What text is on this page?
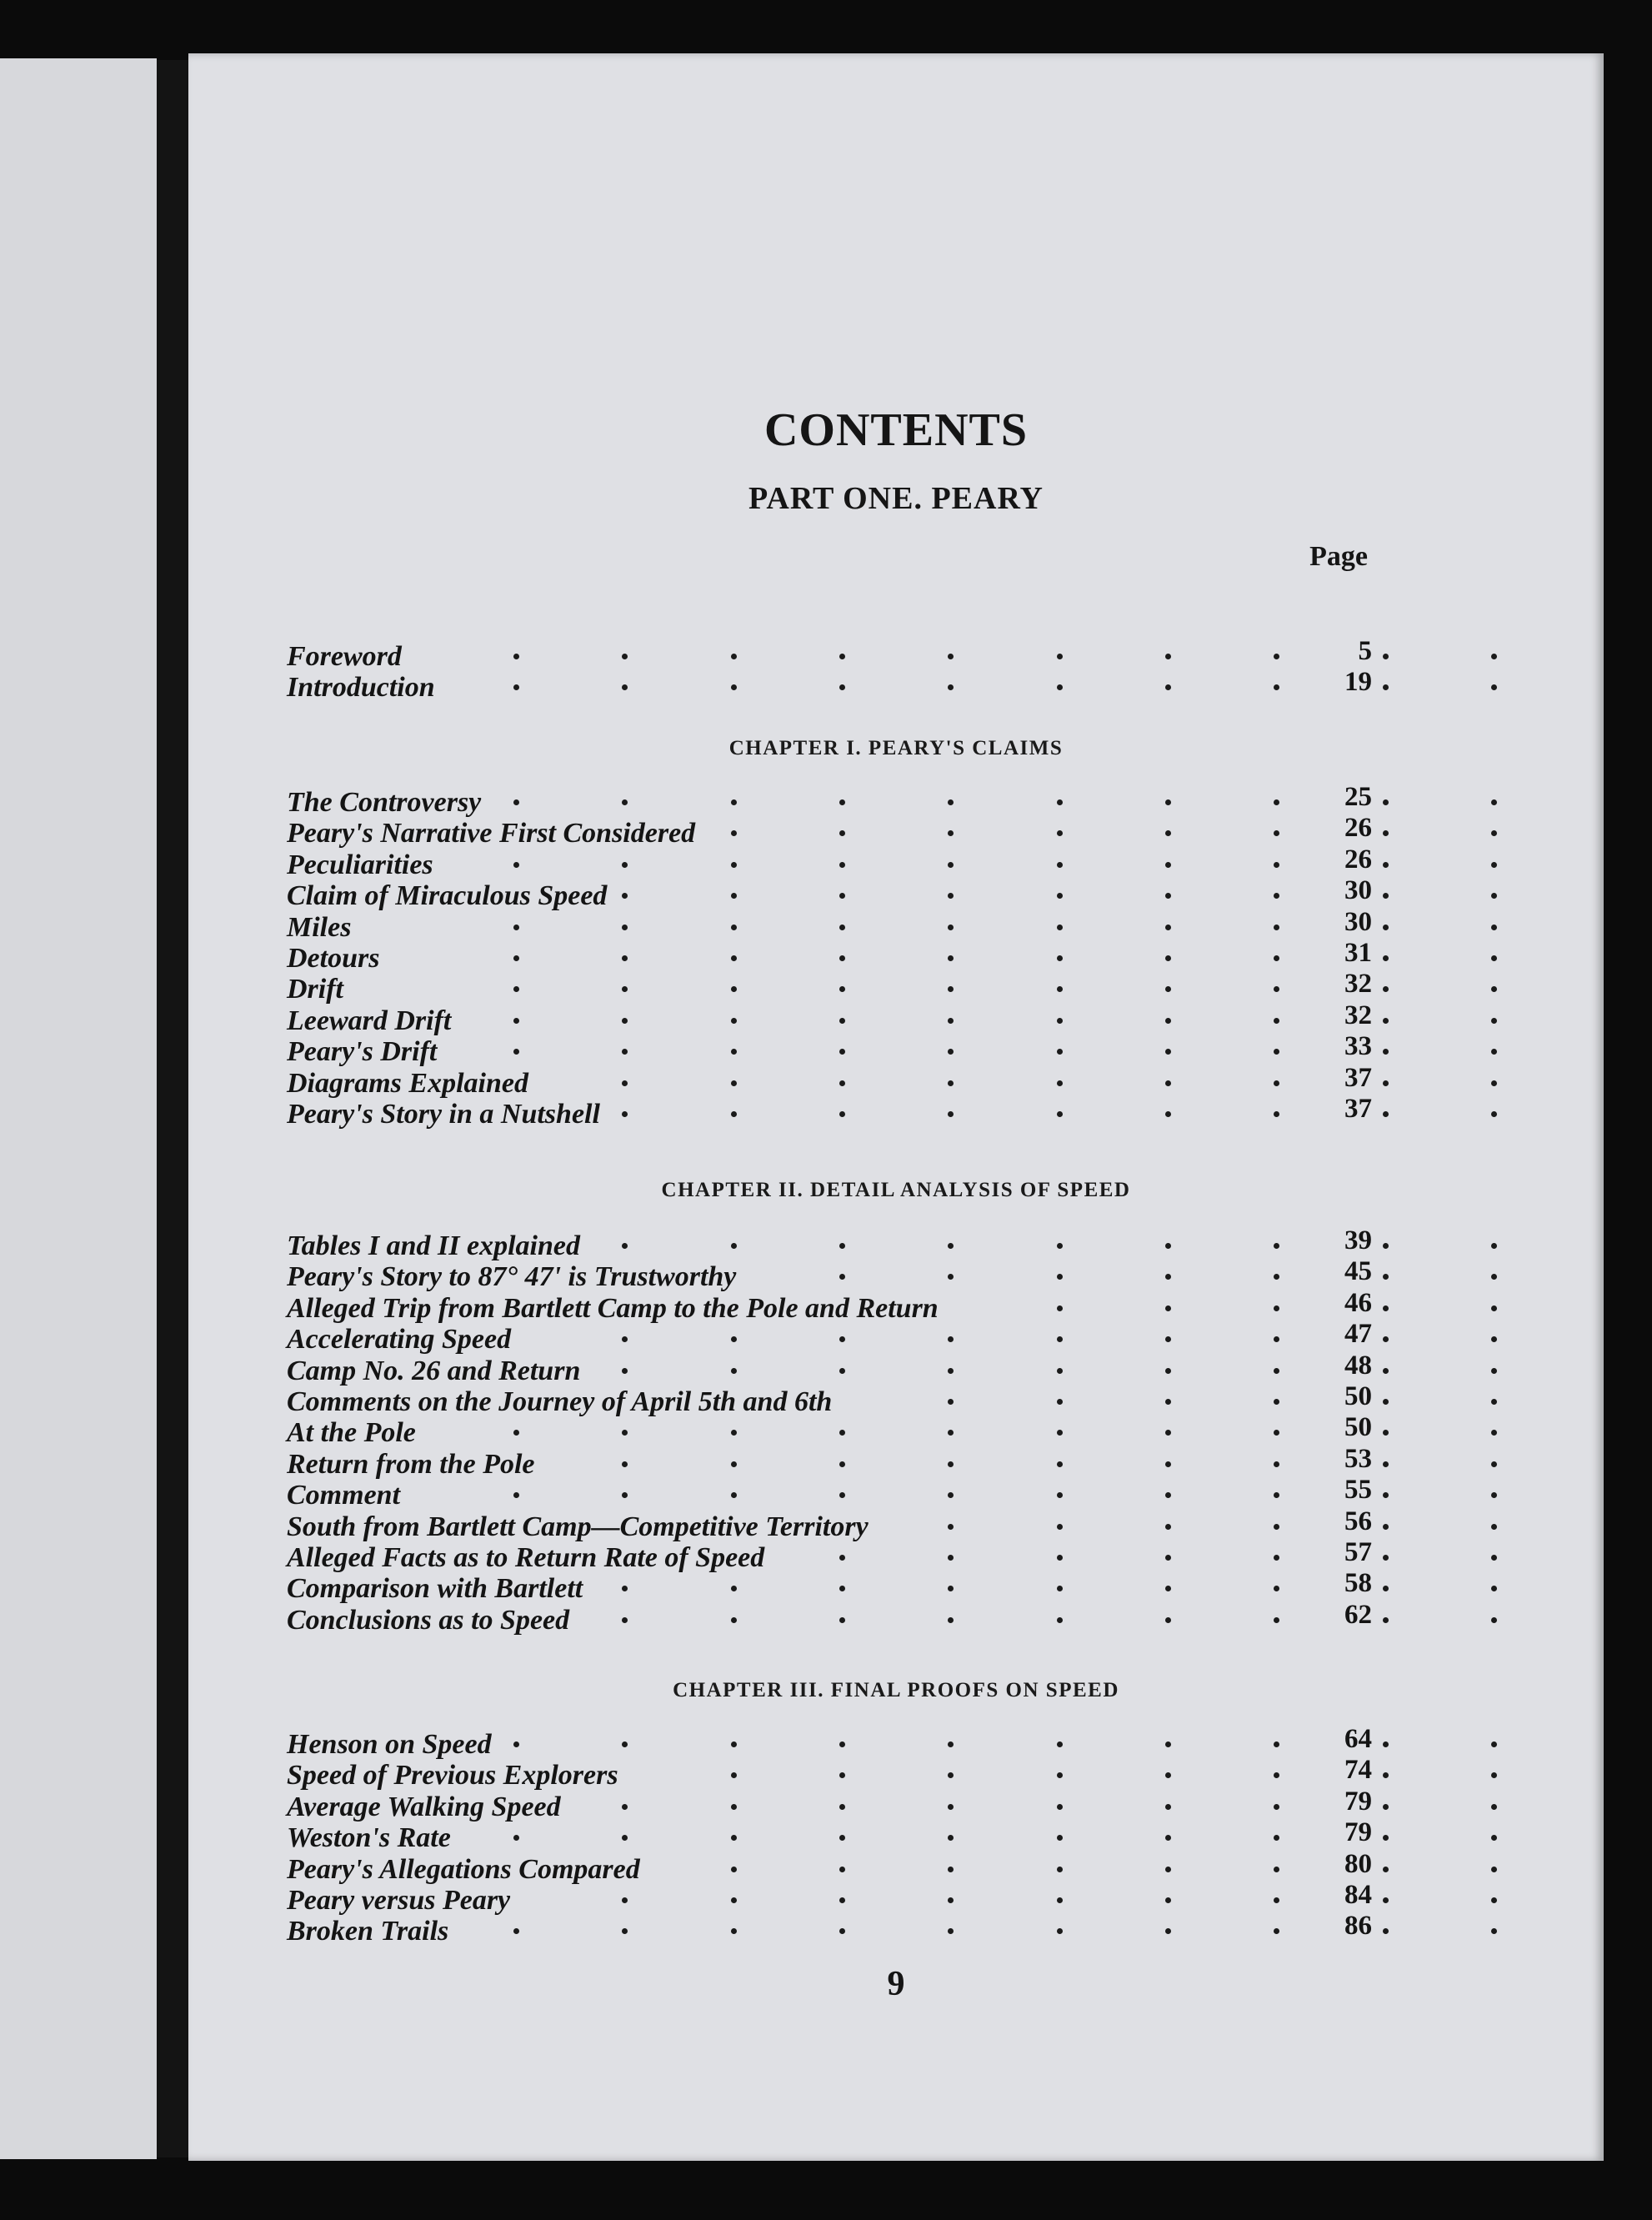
CONTENTS
PART ONE. PEARY
Page
Foreword	5
Introduction	19
CHAPTER I. PEARY'S CLAIMS
The Controversy	25
Peary's Narrative First Considered	26
Peculiarities	26
Claim of Miraculous Speed	30
Miles	30
Detours	31
Drift	32
Leeward Drift	32
Peary's Drift	33
Diagrams Explained	37
Peary's Story in a Nutshell	37
CHAPTER II. DETAIL ANALYSIS OF SPEED
Tables I and II explained	39
Peary's Story to 87° 47' is Trustworthy	45
Alleged Trip from Bartlett Camp to the Pole and Return	46
Accelerating Speed	47
Camp No. 26 and Return	48
Comments on the Journey of April 5th and 6th	50
At the Pole	50
Return from the Pole	53
Comment	55
South from Bartlett Camp—Competitive Territory	56
Alleged Facts as to Return Rate of Speed	57
Comparison with Bartlett	58
Conclusions as to Speed	62
CHAPTER III. FINAL PROOFS ON SPEED
Henson on Speed	64
Speed of Previous Explorers	74
Average Walking Speed	79
Weston's Rate	79
Peary's Allegations Compared	80
Peary versus Peary	84
Broken Trails	86
9
